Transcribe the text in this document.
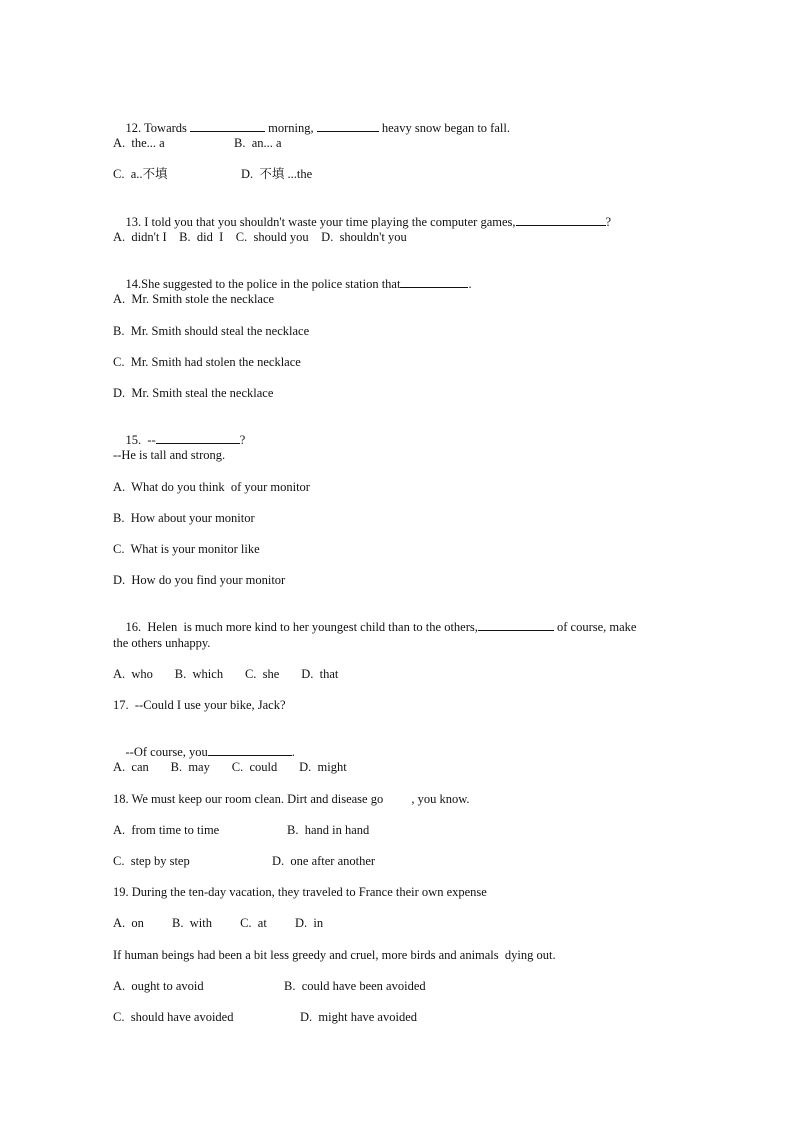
12. Towards	morning,	heavy snow began to fall.

A.  the... a

	B.  an... a

C.  a..不填

	D.  不填 ...the

13. I told you that you shouldn't waste your time playing the computer games,	?

A.  didn't I    B.  did  I    C.  should you    D.  shouldn't you

14.She suggested to the police in the police station that	.

A.  Mr. Smith stole the necklace
B.  Mr. Smith should steal the necklace
C.  Mr. Smith had stolen the necklace
D.  Mr. Smith steal the necklace

15.  --	?

--He is tall and strong.
A.  What do you think  of your monitor
B.  How about your monitor
C.  What is your monitor like
D.  How do you find your monitor

16.  Helen  is much more kind to her youngest child than to the others,	of course, make

the others unhappy.
A.  who       B.  which       C.  she       D.  that
17.  --Could I use your bike, Jack?

--Of course, you	.

A.  can       B.  may       C.  could       D.  might
18. We must keep our room clean. Dirt and disease go         , you know.

A.  from time to time

	B.  hand in hand

C.  step by step

	D.  one after another

19. During the ten-day vacation, they traveled to France their own expense
A.  on         B.  with         C.  at         D.  in
If human beings had been a bit less greedy and cruel, more birds and animals  dying out.

A.  ought to avoid

	B.  could have been avoided

C.  should have avoided

	D.  might have avoided
